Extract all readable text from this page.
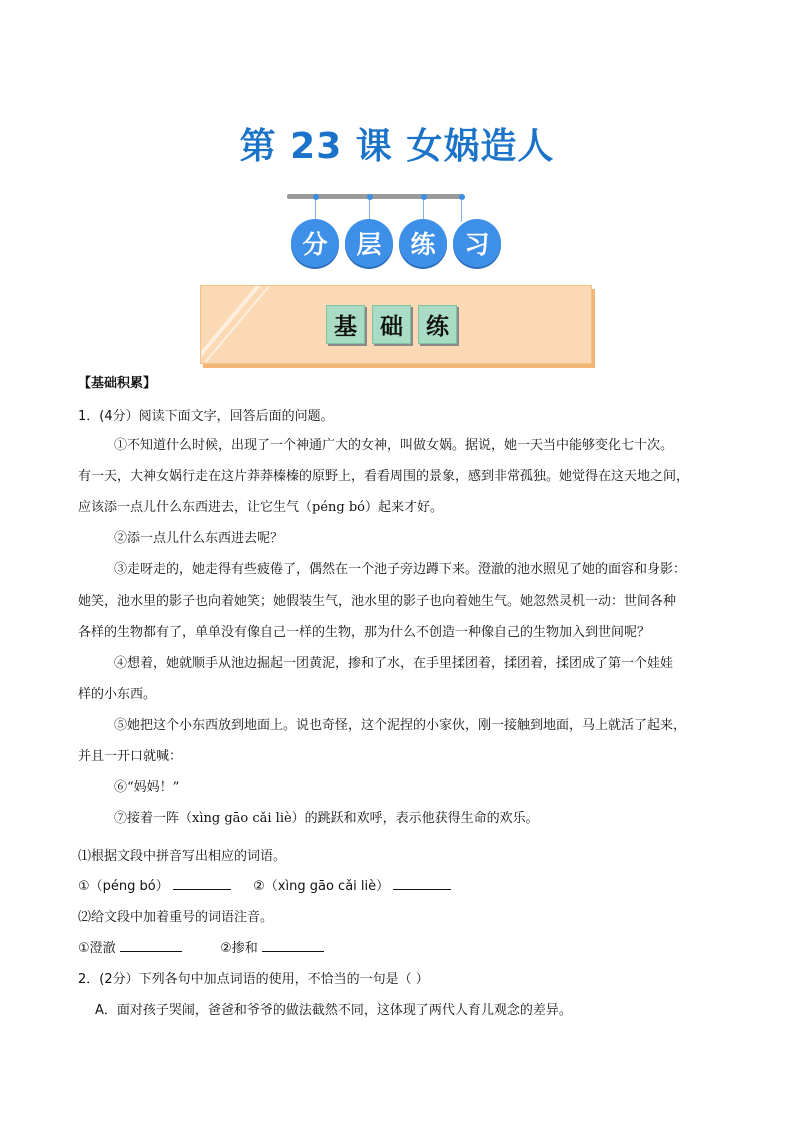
第 23 课 女娲造人
分	层	练	习
基	础	练
【基础积累】
1．(4分）阅读下面文字，回答后面的问题。
①不知道什么时候，出现了一个神通广大的女神，叫做女娲。据说，她一天当中能够变化七十次。
有一天，大神女娲行走在这片莽莽榛榛的原野上，看看周围的景象，感到非常孤独。她觉得在这天地之间，
应该添一点儿什么东西进去，让它生气（péng bó）起来才好。
②添一点儿什么东西进去呢？
③走呀走的，她走得有些疲倦了，偶然在一个池子旁边蹲下来。澄澈的池水照见了她的面容和身影：
她笑，池水里的影子也向着她笑；她假装生气，池水里的影子也向着她生气。她忽然灵机一动：世间各种
各样的生物都有了，单单没有像自己一样的生物，那为什么不创造一种像自己的生物加入到世间呢？
④想着，她就顺手从池边掘起一团黄泥，掺和了水，在手里揉团着，揉团着，揉团成了第一个娃娃
样的小东西。
⑤她把这个小东西放到地面上。说也奇怪，这个泥捏的小家伙，刚一接触到地面，马上就活了起来，
并且一开口就喊：
⑥“妈妈！”
⑦接着一阵（xìng gāo cǎi liè）的跳跃和欢呼，表示他获得生命的欢乐。
⑴根据文段中拼音写出相应的词语。
①（péng bó）	②（xìng gāo cǎi liè）
⑵给文段中加着重号的词语注音。
①澄澈	②掺和
2．(2分）下列各句中加点词语的使用，不恰当的一句是（ ）
A．面对孩子哭闹，爸爸和爷爷的做法截然不同，这体现了两代人育儿观念的差异。
